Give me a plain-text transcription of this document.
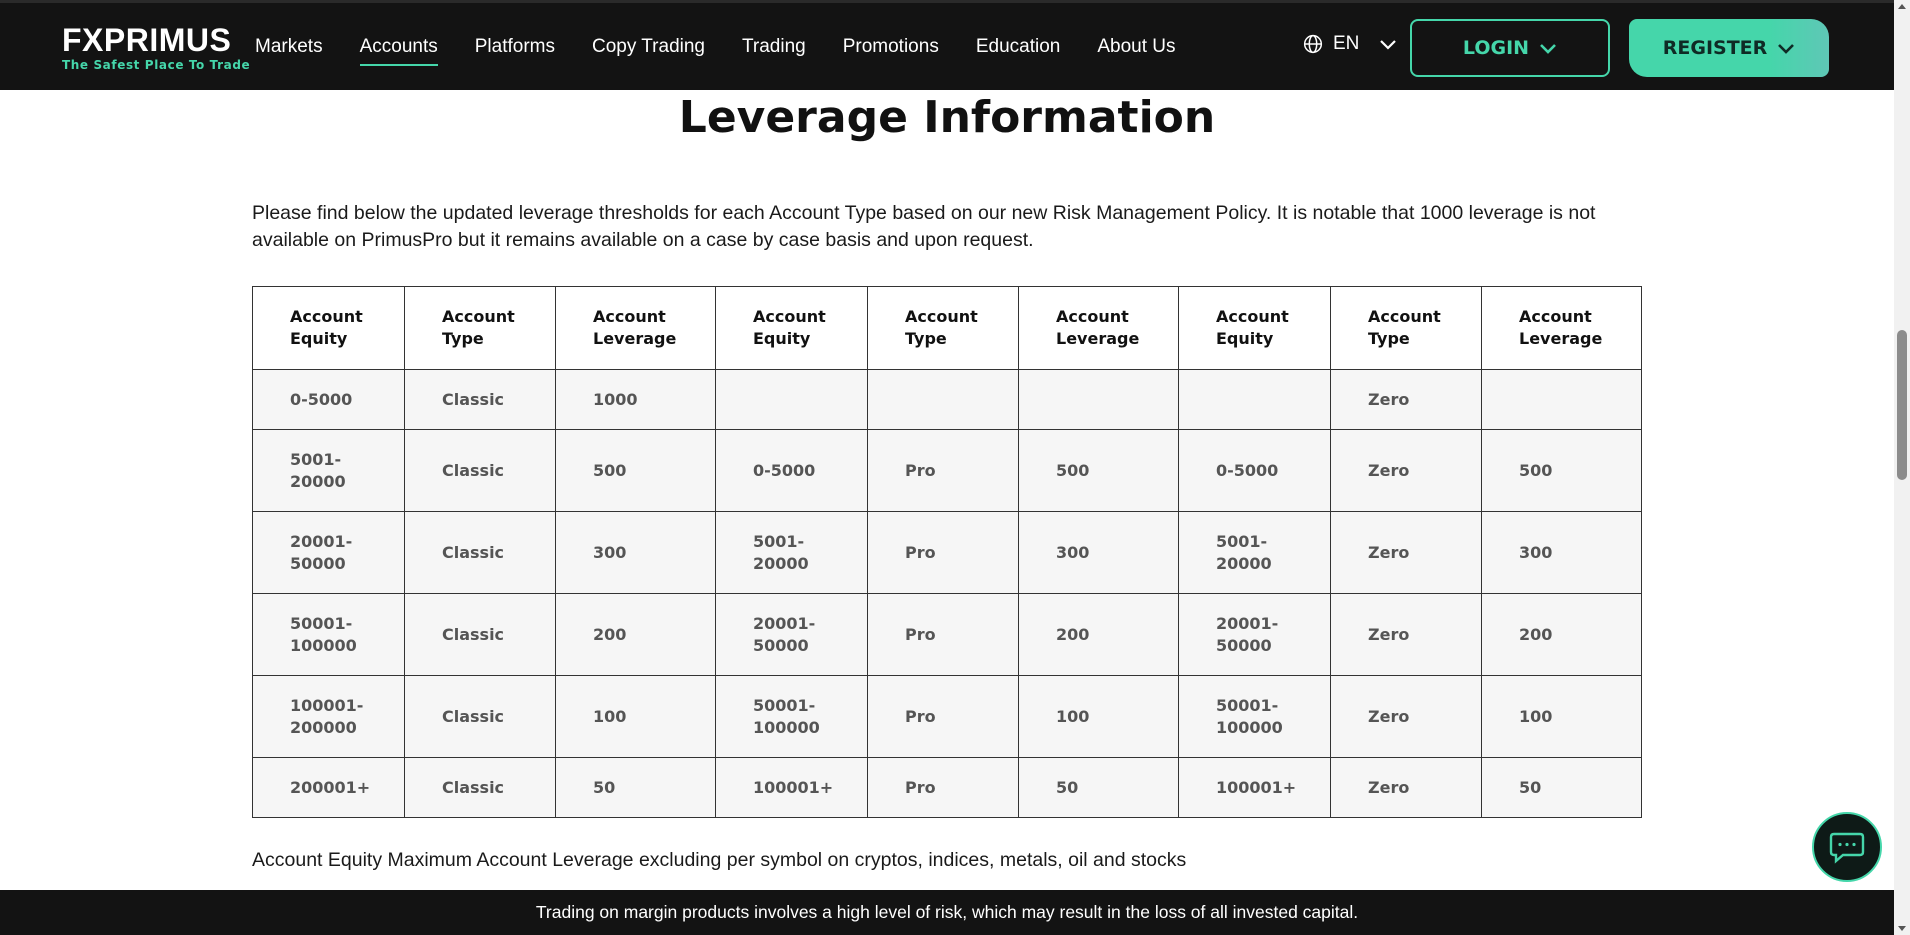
FXPRIMUS
The Safest Place To Trade
Markets Accounts Platforms Copy Trading Trading Promotions Education About Us	EN	LOGIN	REGISTER
Leverage Information

Please find below the updated leverage thresholds for each Account Type based on our new Risk Management Policy. It is notable that 1000 leverage is not available on PrimusPro but it remains available on a case by case basis and upon request.

Account Equity	Account Type	Account Leverage	Account Equity	Account Type	Account Leverage	Account Equity	Account Type	Account Leverage
0-5000	Classic	1000					Zero	
5001-20000	Classic	500	0-5000	Pro	500	0-5000	Zero	500
20001-50000	Classic	300	5001-20000	Pro	300	5001-20000	Zero	300
50001-100000	Classic	200	20001-50000	Pro	200	20001-50000	Zero	200
100001-200000	Classic	100	50001-100000	Pro	100	50001-100000	Zero	100
200001+	Classic	50	100001+	Pro	50	100001+	Zero	50

Account Equity Maximum Account Leverage excluding per symbol on cryptos, indices, metals, oil and stocks

Trading on margin products involves a high level of risk, which may result in the loss of all invested capital.
